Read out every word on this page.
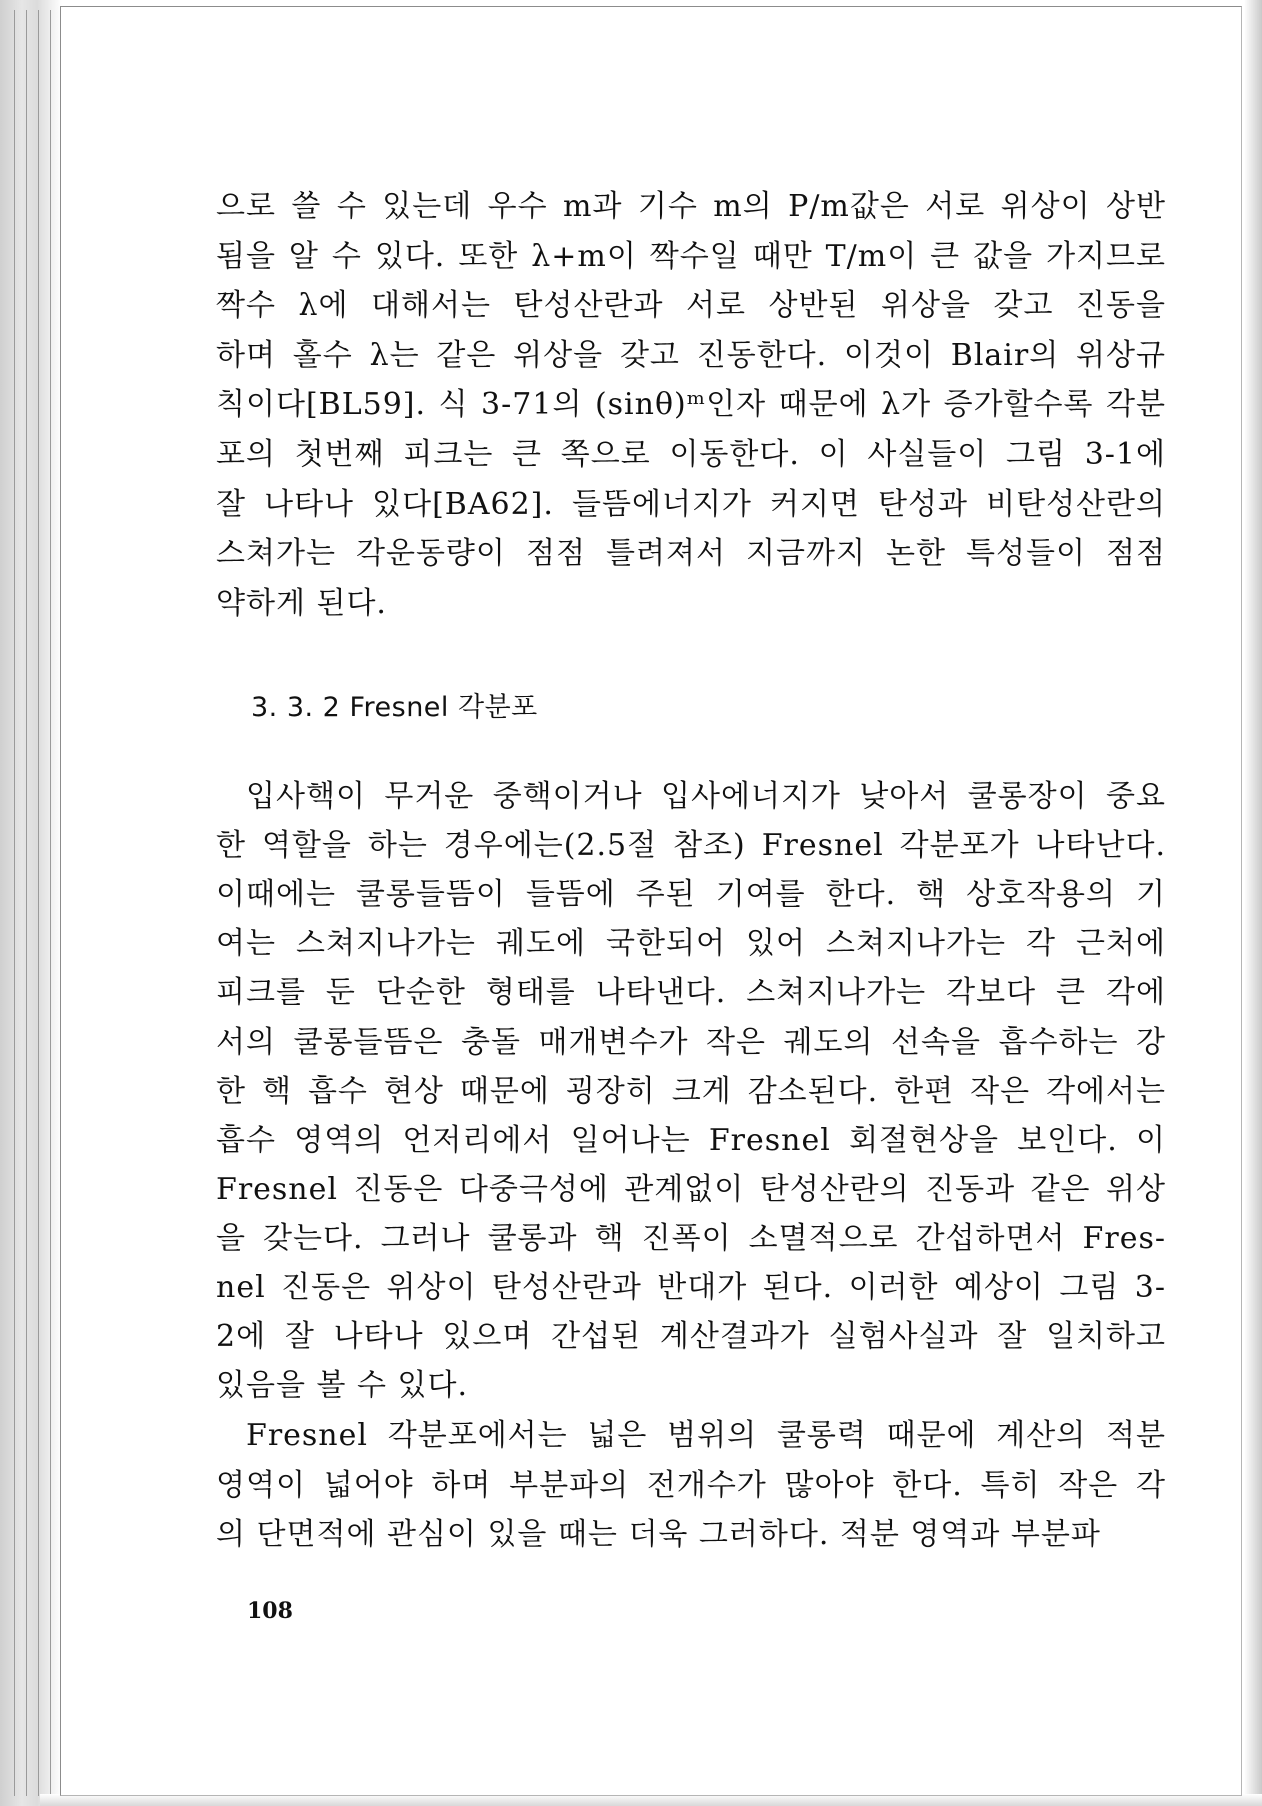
으로 쓸 수 있는데 우수 m과 기수 m의 P/m값은 서로 위상이 상반
됨을 알 수 있다. 또한 λ+m이 짝수일 때만 T/m이 큰 값을 가지므로
짝수 λ에 대해서는 탄성산란과 서로 상반된 위상을 갖고 진동을
하며 홀수 λ는 같은 위상을 갖고 진동한다. 이것이 Blair의 위상규
칙이다[BL59]. 식 3-71의 (sinθ)ᵐ인자 때문에 λ가 증가할수록 각분
포의 첫번째 피크는 큰 쪽으로 이동한다. 이 사실들이 그림 3-1에
잘 나타나 있다[BA62]. 들뜸에너지가 커지면 탄성과 비탄성산란의
스쳐가는 각운동량이 점점 틀려져서 지금까지 논한 특성들이 점점
약하게 된다.
3. 3. 2 Fresnel 각분포
입사핵이 무거운 중핵이거나 입사에너지가 낮아서 쿨롱장이 중요
한 역할을 하는 경우에는(2.5절 참조) Fresnel 각분포가 나타난다.
이때에는 쿨롱들뜸이 들뜸에 주된 기여를 한다. 핵 상호작용의 기
여는 스쳐지나가는 궤도에 국한되어 있어 스쳐지나가는 각 근처에
피크를 둔 단순한 형태를 나타낸다. 스쳐지나가는 각보다 큰 각에
서의 쿨롱들뜸은 충돌 매개변수가 작은 궤도의 선속을 흡수하는 강
한 핵 흡수 현상 때문에 굉장히 크게 감소된다. 한편 작은 각에서는
흡수 영역의 언저리에서 일어나는 Fresnel 회절현상을 보인다. 이
Fresnel 진동은 다중극성에 관계없이 탄성산란의 진동과 같은 위상
을 갖는다. 그러나 쿨롱과 핵 진폭이 소멸적으로 간섭하면서 Fres-
nel 진동은 위상이 탄성산란과 반대가 된다. 이러한 예상이 그림 3-
2에 잘 나타나 있으며 간섭된 계산결과가 실험사실과 잘 일치하고
있음을 볼 수 있다.
Fresnel 각분포에서는 넓은 범위의 쿨롱력 때문에 계산의 적분
영역이 넓어야 하며 부분파의 전개수가 많아야 한다. 특히 작은 각
의 단면적에 관심이 있을 때는 더욱 그러하다. 적분 영역과 부분파
108
